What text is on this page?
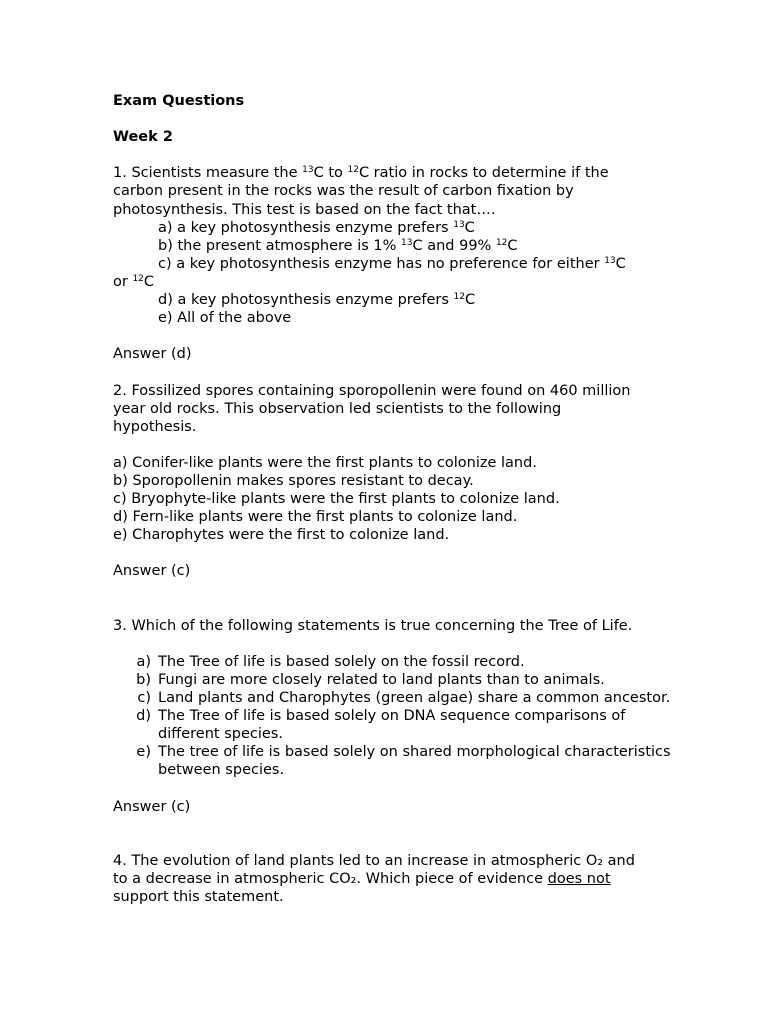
Exam Questions

Week 2

1. Scientists measure the $^{13}$C to $^{12}$C ratio in rocks to determine if the

carbon present in the rocks was the result of carbon fixation by

photosynthesis. This test is based on the fact that….

a) a key photosynthesis enzyme prefers $^{13}$C

b) the present atmosphere is 1% $^{13}$C and 99% $^{12}$C

c) a key photosynthesis enzyme has no preference for either $^{13}$C

or $^{12}$C

d) a key photosynthesis enzyme prefers $^{12}$C

e) All of the above

Answer (d)

2. Fossilized spores containing sporopollenin were found on 460 million

year old rocks. This observation led scientists to the following

hypothesis.

a) Conifer-like plants were the first plants to colonize land.

b) Sporopollenin makes spores resistant to decay.

c) Bryophyte-like plants were the first plants to colonize land.

d) Fern-like plants were the first plants to colonize land.

e) Charophytes were the first to colonize land.

Answer (c)

3. Which of the following statements is true concerning the Tree of Life.

a) The Tree of life is based solely on the fossil record.
b) Fungi are more closely related to land plants than to animals.
c) Land plants and Charophytes (green algae) share a common ancestor.
d) The Tree of life is based solely on DNA sequence comparisons of different species.
e) The tree of life is based solely on shared morphological characteristics between species.

Answer (c)

4. The evolution of land plants led to an increase in atmospheric O₂ and

to a decrease in atmospheric CO₂. Which piece of evidence does not

support this statement.
